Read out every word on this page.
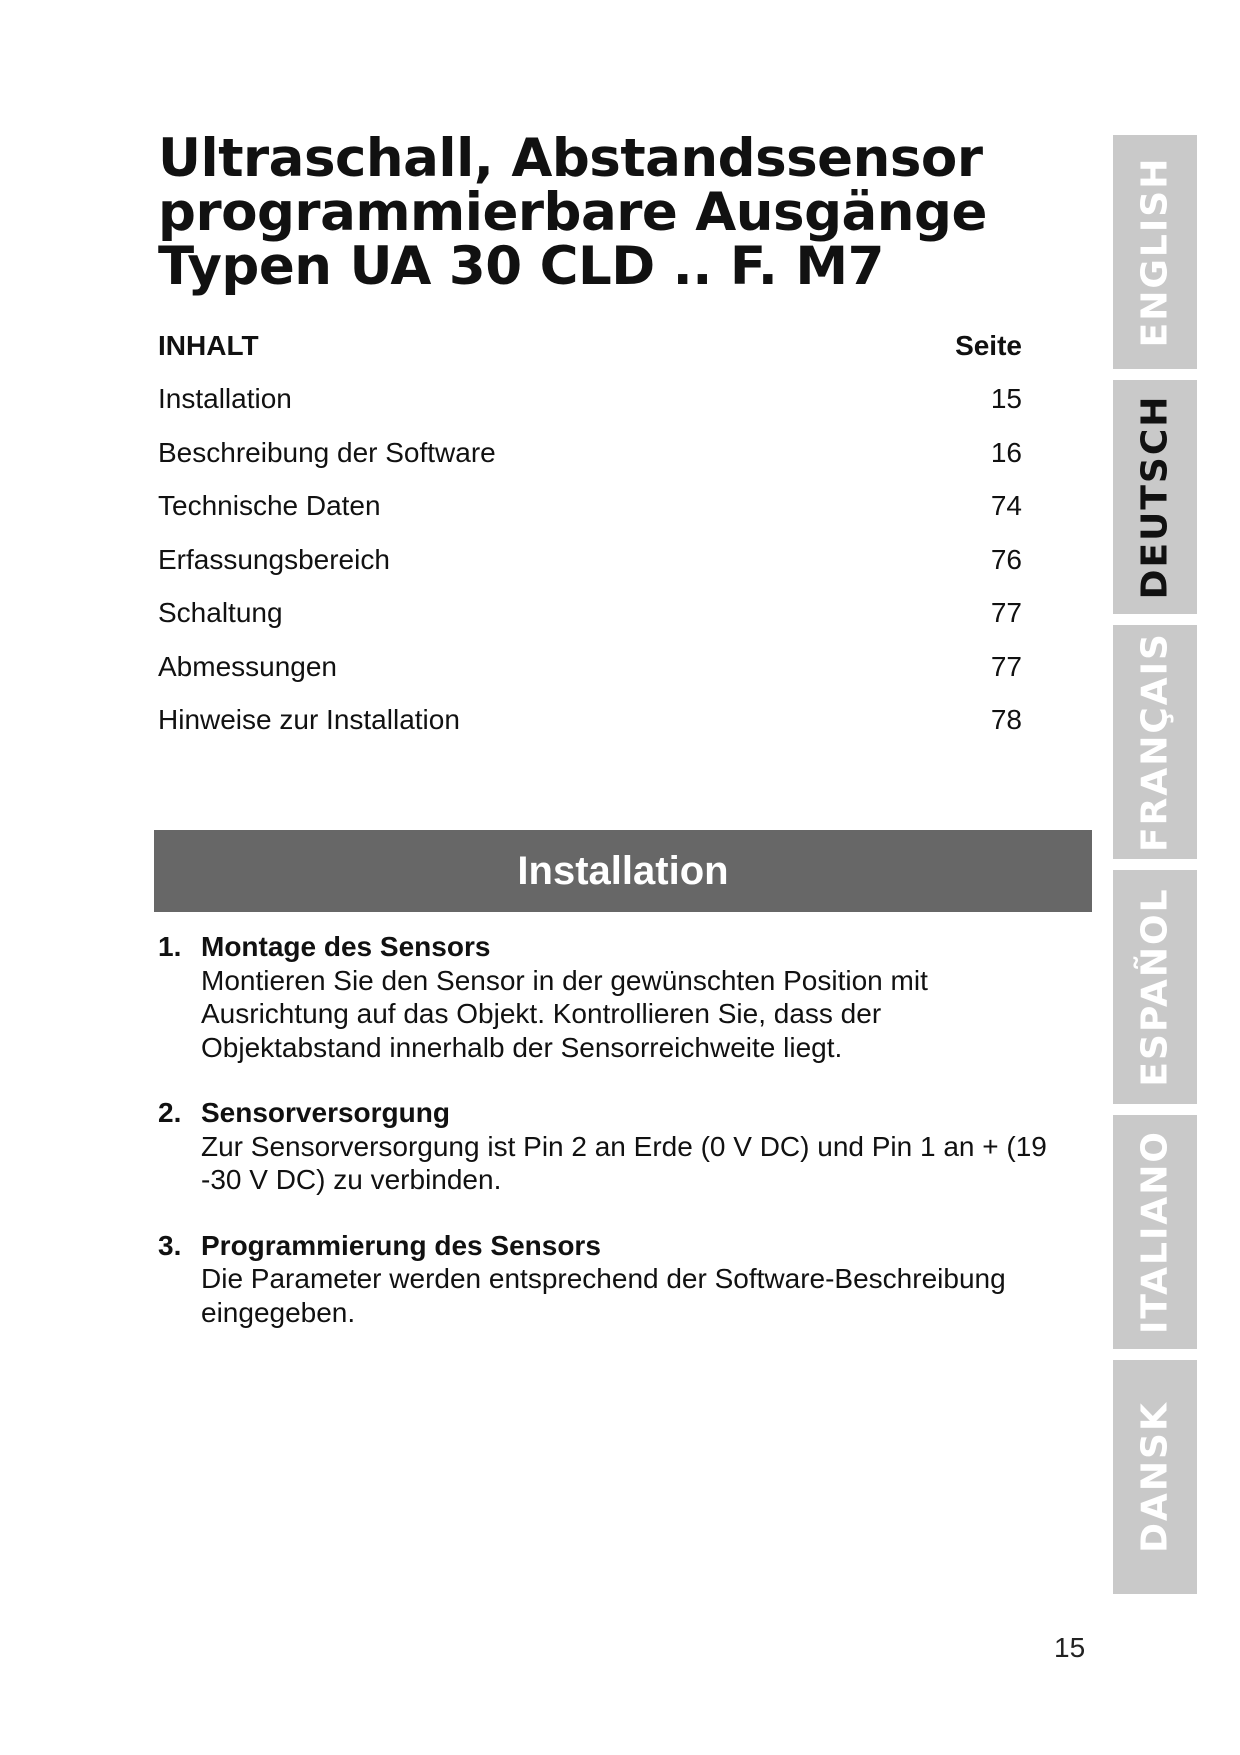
Ultraschall, Abstandssensor
programmierbare Ausgänge
Typen UA 30 CLD .. F. M7
INHALT	Seite
Installation	15
Beschreibung der Software	16
Technische Daten	74
Erfassungsbereich	76
Schaltung	77
Abmessungen	77
Hinweise zur Installation	78
Installation
1. Montage des Sensors
Montieren Sie den Sensor in der gewünschten Position mit Ausrichtung auf das Objekt. Kontrollieren Sie, dass der Objektabstand innerhalb der Sensorreichweite liegt.
2. Sensorversorgung
Zur Sensorversorgung ist Pin 2 an Erde (0 V DC) und Pin 1 an + (19 -30 V DC) zu verbinden.
3. Programmierung des Sensors
Die Parameter werden entsprechend der Software-Beschreibung eingegeben.
ENGLISH
DEUTSCH
FRANÇAIS
ESPAÑOL
ITALIANO
DANSK
15
